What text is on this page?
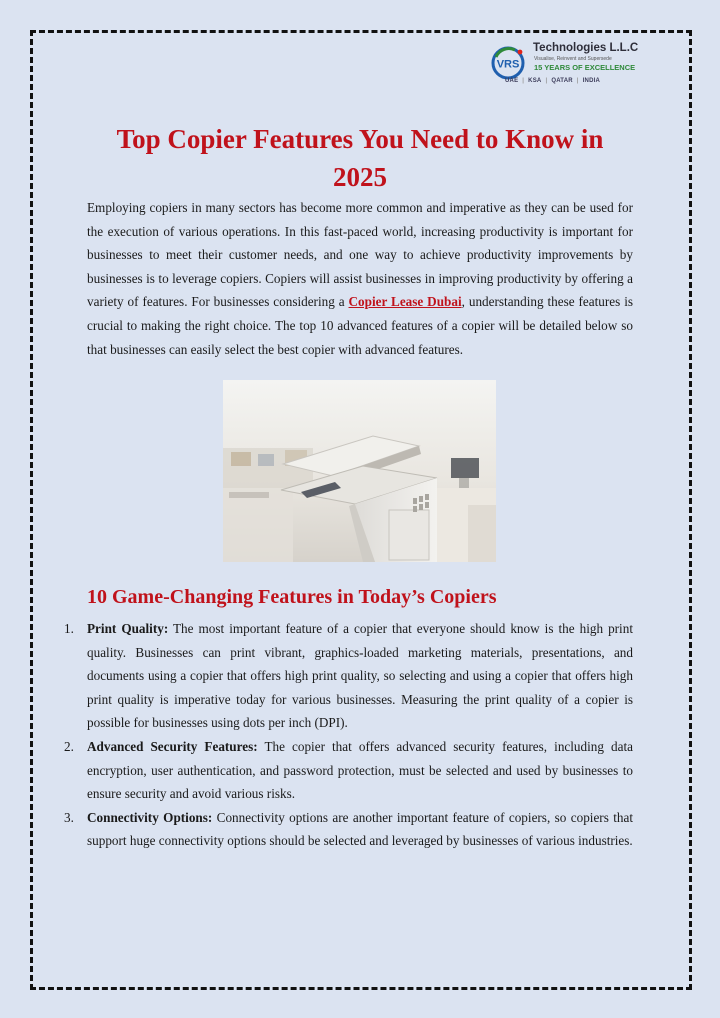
VRS
Technologies L.L.C
Visualise, Reinvent and Supersede
15 YEARS OF EXCELLENCE
UAE | KSA | QATAR | INDIA
Top Copier Features You Need to Know in 2025

Employing copiers in many sectors has become more common and imperative as they can be used for the execution of various operations. In this fast-paced world, increasing productivity is important for businesses to meet their customer needs, and one way to achieve productivity improvements by businesses is to leverage copiers. Copiers will assist businesses in improving productivity by offering a variety of features. For businesses considering a Copier Lease Dubai, understanding these features is crucial to making the right choice. The top 10 advanced features of a copier will be detailed below so that businesses can easily select the best copier with advanced features.

10 Game-Changing Features in Today’s Copiers
1. Print Quality: The most important feature of a copier that everyone should know is the high print quality. Businesses can print vibrant, graphics-loaded marketing materials, presentations, and documents using a copier that offers high print quality, so selecting and using a copier that offers high print quality is imperative today for various businesses. Measuring the print quality of a copier is possible for businesses using dots per inch (DPI).
2. Advanced Security Features: The copier that offers advanced security features, including data encryption, user authentication, and password protection, must be selected and used by businesses to ensure security and avoid various risks.
3. Connectivity Options: Connectivity options are another important feature of copiers, so copiers that support huge connectivity options should be selected and leveraged by businesses of various industries.
